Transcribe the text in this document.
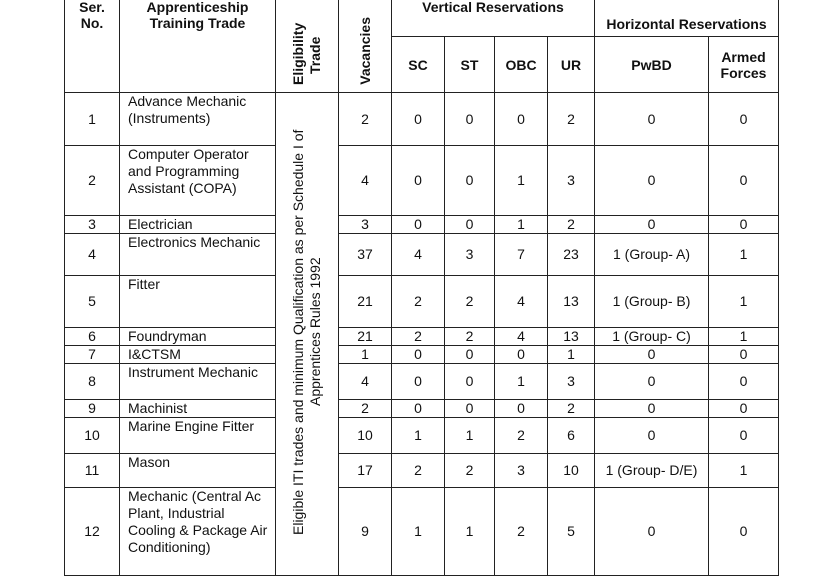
Ser. No.	Apprenticeship Training Trade	Eligibility Trade	Vacancies	Vertical Reservations				Horizontal Reservations	
				SC	ST	OBC	UR	PwBD	Armed Forces
1	Advance Mechanic (Instruments)	Eligible ITI trades and minimum Qualification as per Schedule I of Apprentices Rules 1992	2	0	0	0	2	0	0
2	Computer Operator and Programming Assistant (COPA)		4	0	0	1	3	0	0
3	Electrician		3	0	0	1	2	0	0
4	Electronics Mechanic		37	4	3	7	23	1 (Group- A)	1
5	Fitter		21	2	2	4	13	1 (Group- B)	1
6	Foundryman		21	2	2	4	13	1 (Group- C)	1
7	I&CTSM		1	0	0	0	1	0	0
8	Instrument Mechanic		4	0	0	1	3	0	0
9	Machinist		2	0	0	0	2	0	0
10	Marine Engine Fitter		10	1	1	2	6	0	0
11	Mason		17	2	2	3	10	1 (Group- D/E)	1
12	Mechanic (Central Ac Plant, Industrial Cooling & Package Air Conditioning)		9	1	1	2	5	0	0
